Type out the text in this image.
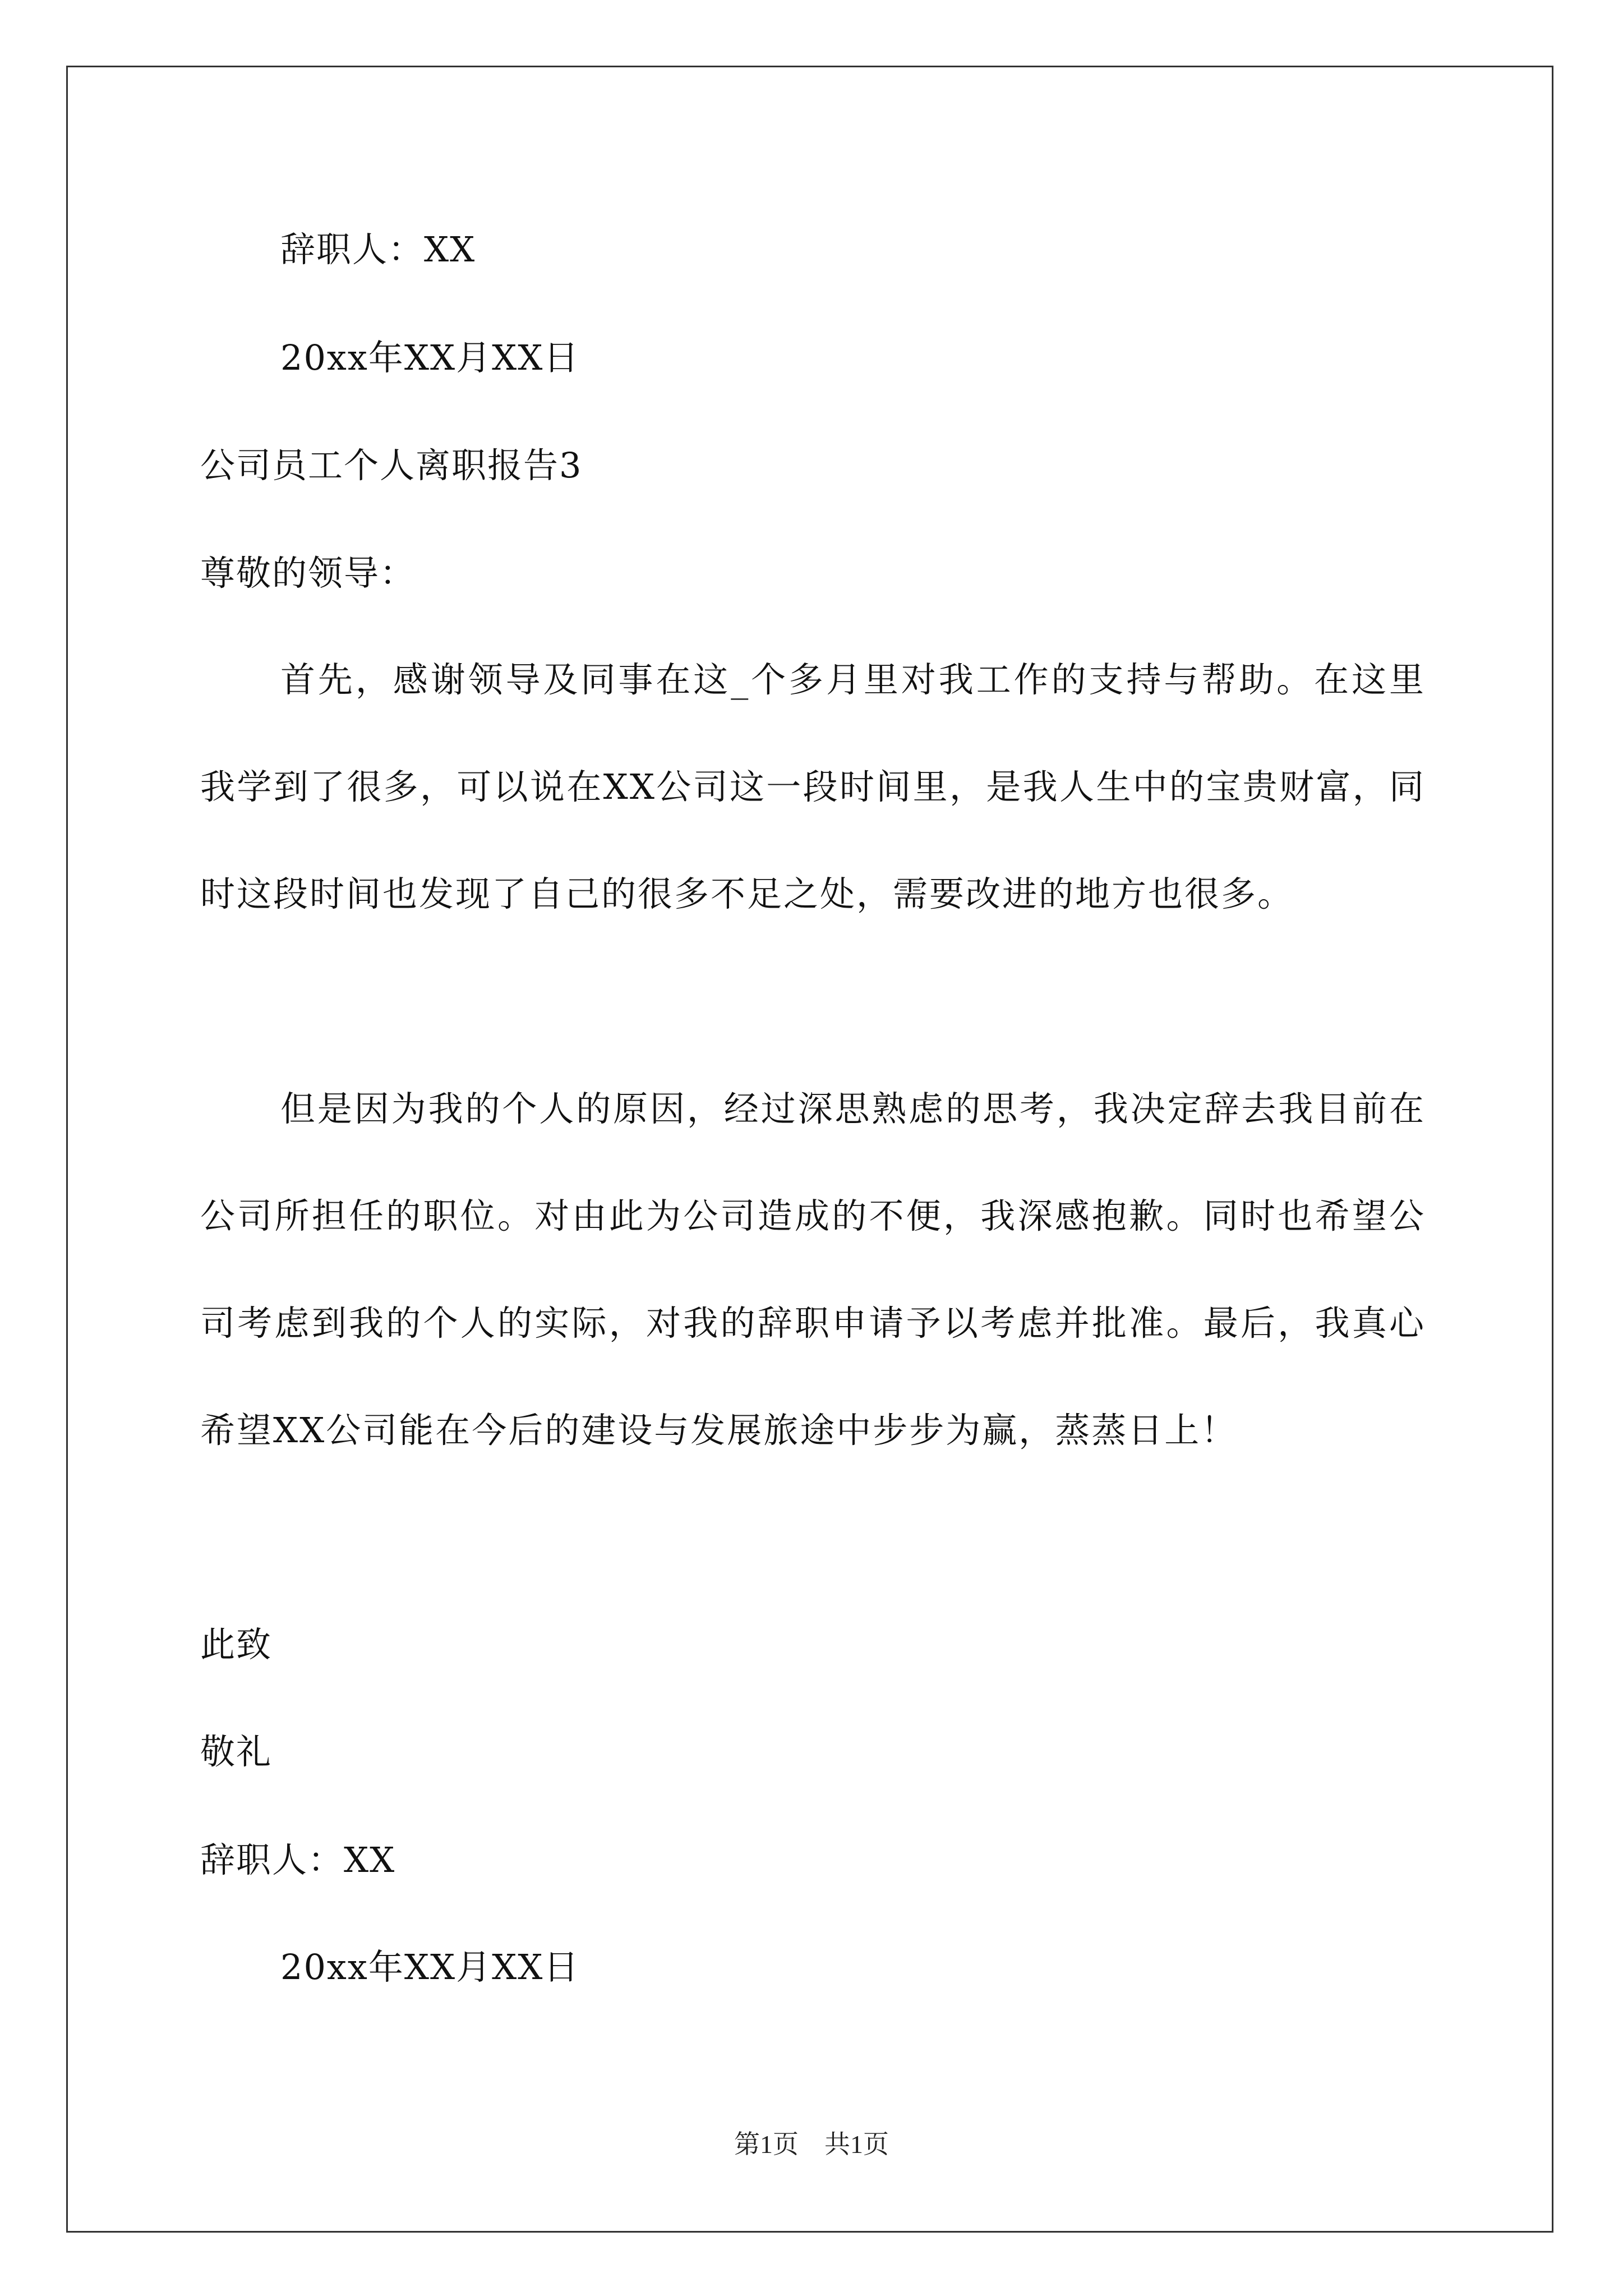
辞职人：XX
20xx年XX月XX日
公司员工个人离职报告3
尊敬的领导：

首先，感谢领导及同事在这_个多月里对我工作的支持与帮助。在这里我学到了很多，可以说在XX公司这一段时间里，是我人生中的宝贵财富，同时这段时间也发现了自己的很多不足之处，需要改进的地方也很多。

但是因为我的个人的原因，经过深思熟虑的思考，我决定辞去我目前在公司所担任的职位。对由此为公司造成的不便，我深感抱歉。同时也希望公司考虑到我的个人的实际，对我的辞职申请予以考虑并批准。最后，我真心希望XX公司能在今后的建设与发展旅途中步步为赢，蒸蒸日上！

此致
敬礼
辞职人：XX
20xx年XX月XX日
第1页　共1页
